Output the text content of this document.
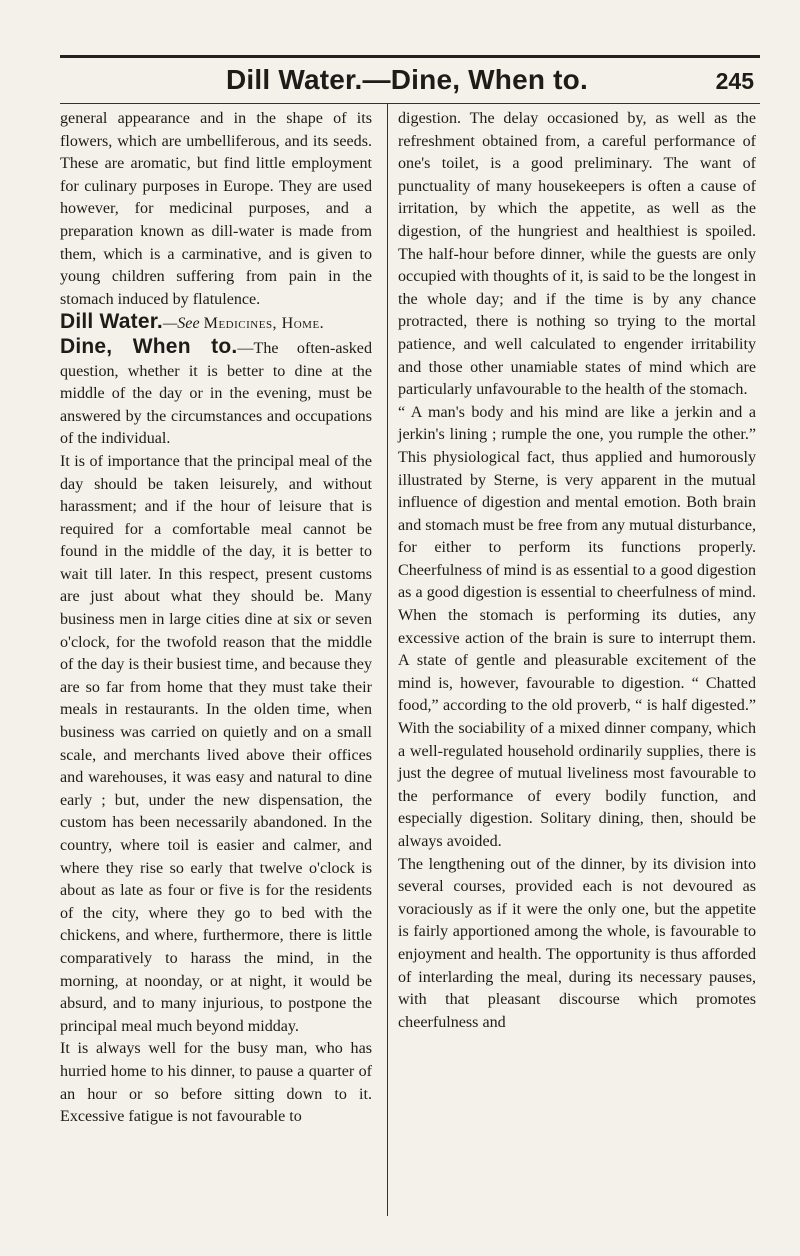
Dill Water.—Dine, When to.	245

general appearance and in the shape of its flowers, which are umbelliferous, and its seeds. These are aromatic, but find little employment for culinary purposes in Europe. They are used however, for medicinal purposes, and a preparation known as dill-water is made from them, which is a carminative, and is given to young children suffering from pain in the stomach induced by flatulence.

Dill Water.—See Medicines, Home.

Dine, When to.—The often-asked question, whether it is better to dine at the middle of the day or in the evening, must be answered by the circumstances and occupations of the individual.

It is of importance that the principal meal of the day should be taken leisurely, and without harassment; and if the hour of leisure that is required for a comfortable meal cannot be found in the middle of the day, it is better to wait till later. In this respect, present customs are just about what they should be. Many business men in large cities dine at six or seven o'clock, for the twofold reason that the middle of the day is their busiest time, and because they are so far from home that they must take their meals in restaurants. In the olden time, when business was carried on quietly and on a small scale, and merchants lived above their offices and warehouses, it was easy and natural to dine early ; but, under the new dispensation, the custom has been necessarily abandoned. In the country, where toil is easier and calmer, and where they rise so early that twelve o'clock is about as late as four or five is for the residents of the city, where they go to bed with the chickens, and where, furthermore, there is little comparatively to harass the mind, in the morning, at noonday, or at night, it would be absurd, and to many injurious, to postpone the principal meal much beyond midday.

It is always well for the busy man, who has hurried home to his dinner, to pause a quarter of an hour or so before sitting down to it. Excessive fatigue is not favourable to

digestion. The delay occasioned by, as well as the refreshment obtained from, a careful performance of one's toilet, is a good preliminary. The want of punctuality of many housekeepers is often a cause of irritation, by which the appetite, as well as the digestion, of the hungriest and healthiest is spoiled. The half-hour before dinner, while the guests are only occupied with thoughts of it, is said to be the longest in the whole day; and if the time is by any chance protracted, there is nothing so trying to the mortal patience, and well calculated to engender irritability and those other unamiable states of mind which are particularly unfavourable to the health of the stomach.

“ A man's body and his mind are like a jerkin and a jerkin's lining ; rumple the one, you rumple the other.” This physiological fact, thus applied and humorously illustrated by Sterne, is very apparent in the mutual influence of digestion and mental emotion. Both brain and stomach must be free from any mutual disturbance, for either to perform its functions properly. Cheerfulness of mind is as essential to a good digestion as a good digestion is essential to cheerfulness of mind. When the stomach is performing its duties, any excessive action of the brain is sure to interrupt them. A state of gentle and pleasurable excitement of the mind is, however, favourable to digestion. “ Chatted food,” according to the old proverb, “ is half digested.” With the sociability of a mixed dinner company, which a well-regulated household ordinarily supplies, there is just the degree of mutual liveliness most favourable to the performance of every bodily function, and especially digestion. Solitary dining, then, should be always avoided.

The lengthening out of the dinner, by its division into several courses, provided each is not devoured as voraciously as if it were the only one, but the appetite is fairly apportioned among the whole, is favourable to enjoyment and health. The opportunity is thus afforded of interlarding the meal, during its necessary pauses, with that pleasant discourse which promotes cheerfulness and
